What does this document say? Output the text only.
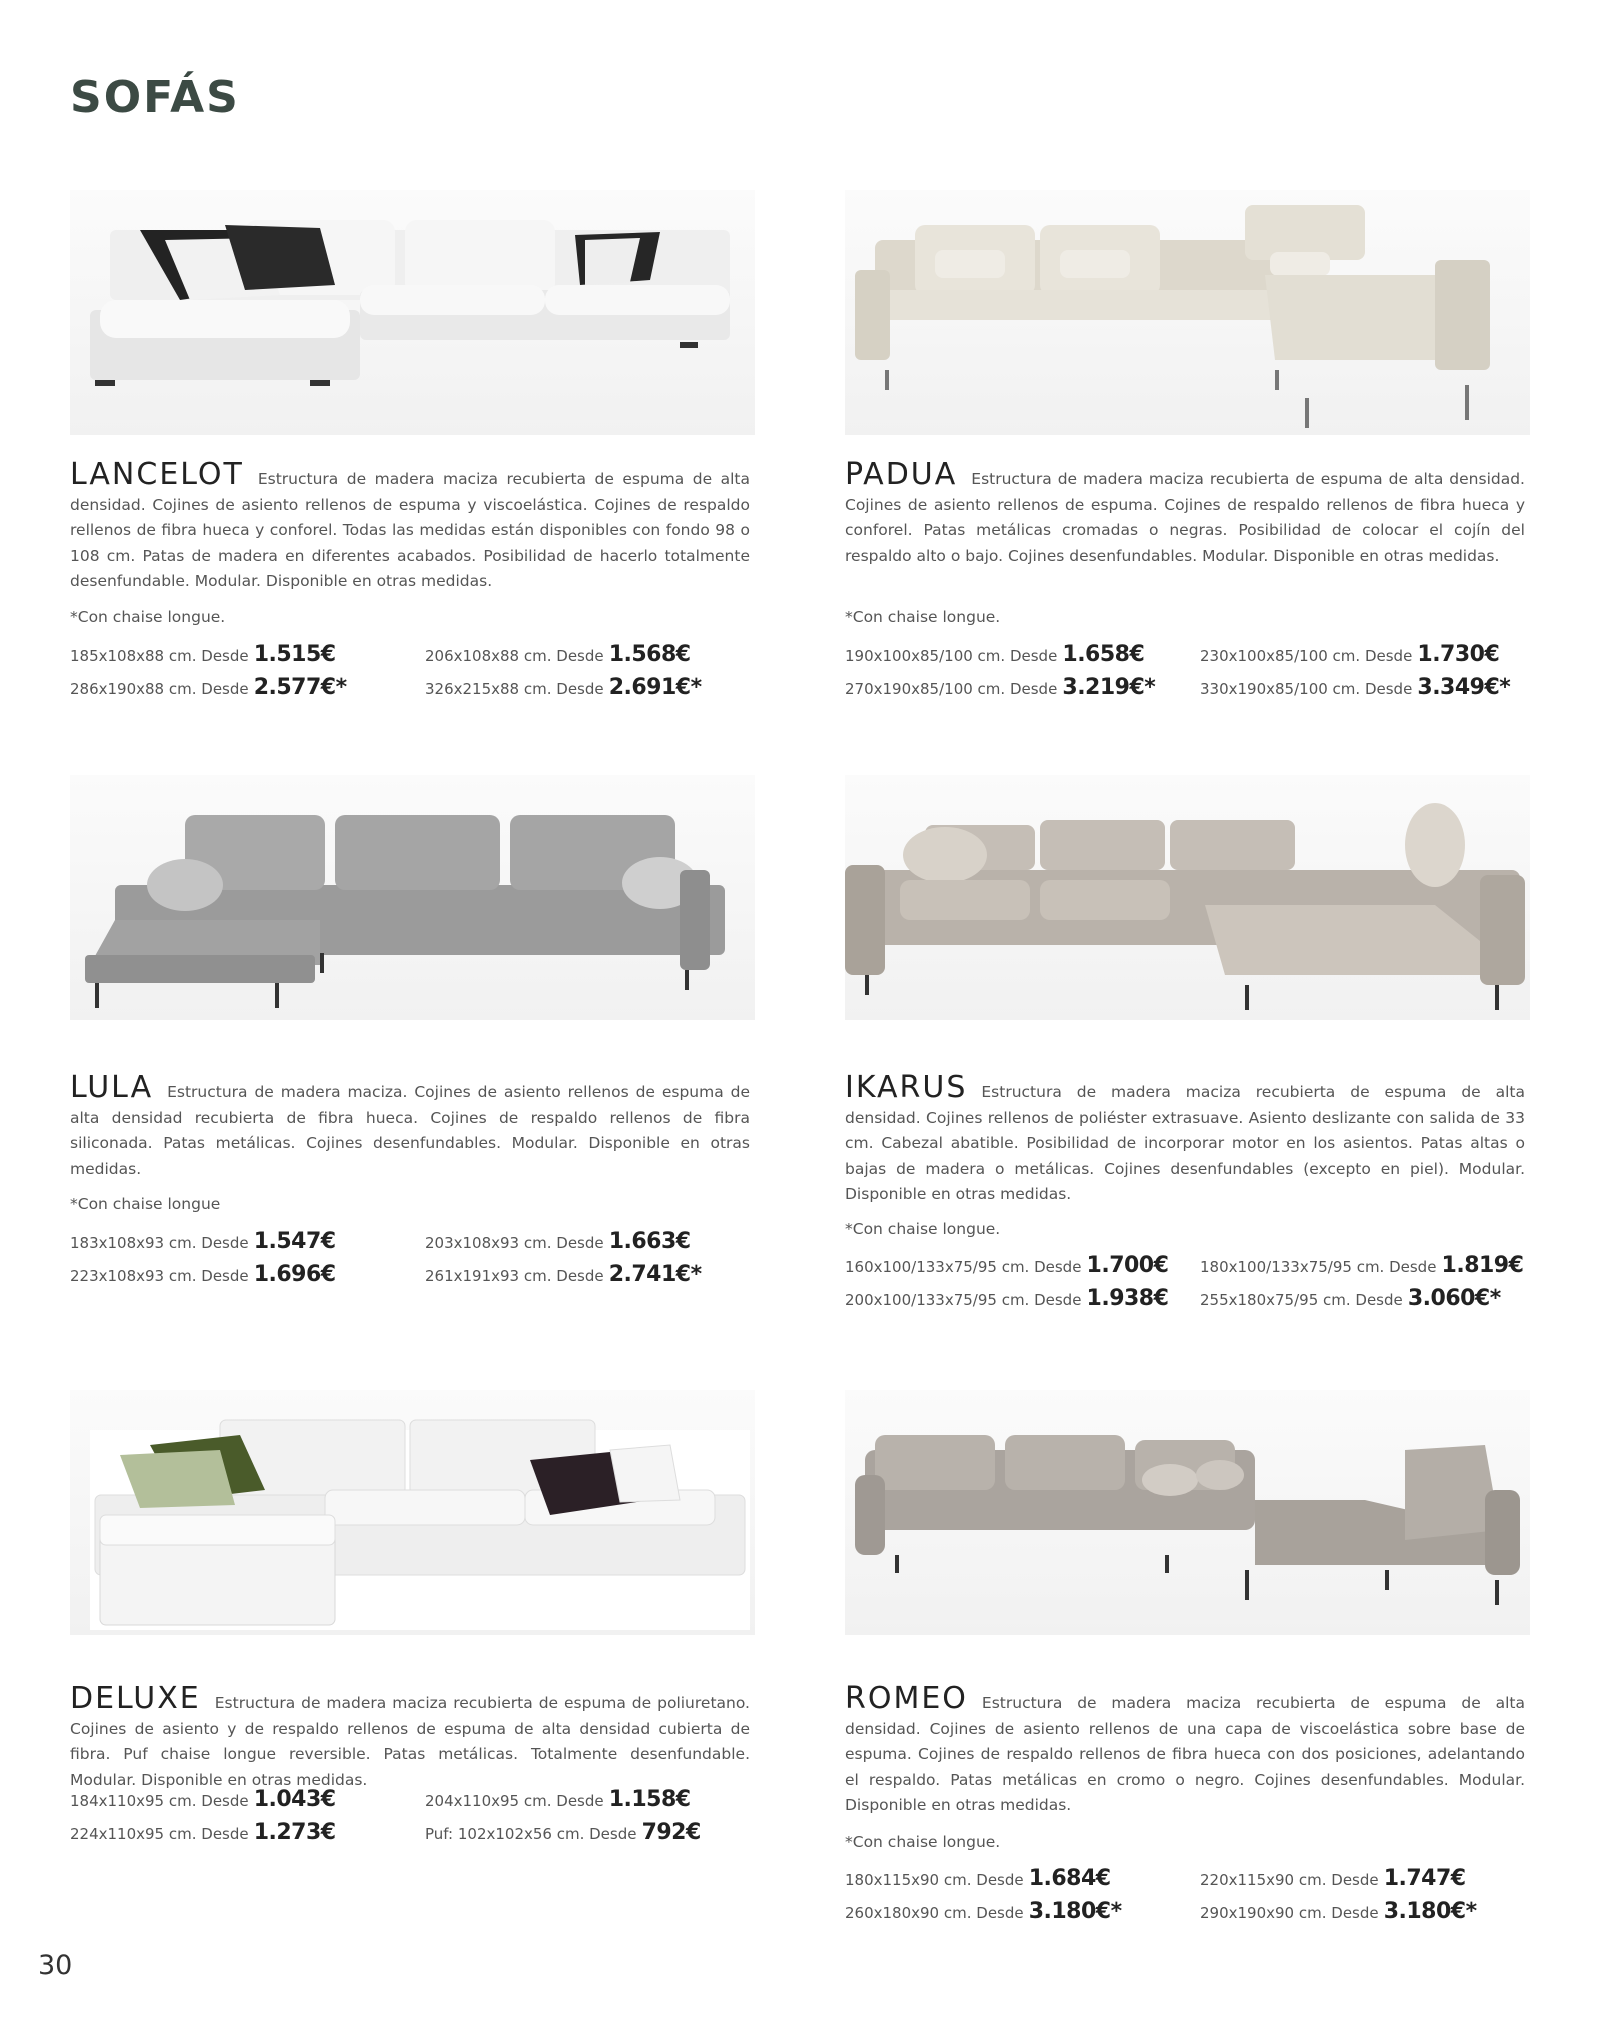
SOFÁS
LANCELOT Estructura de madera maciza recubierta de espuma de alta densidad. Cojines de asiento rellenos de espuma y viscoelástica. Cojines de respaldo rellenos de fibra hueca y conforel. Todas las medidas están disponibles con fondo 98 o 108 cm. Patas de madera en diferentes acabados. Posibilidad de hacerlo totalmente desenfundable. Modular. Disponible en otras medidas.
*Con chaise longue.
185x108x88 cm. Desde 1.515€	206x108x88 cm. Desde 1.568€
286x190x88 cm. Desde 2.577€*	326x215x88 cm. Desde 2.691€*
PADUA Estructura de madera maciza recubierta de espuma de alta densidad. Cojines de asiento rellenos de espuma. Cojines de respaldo rellenos de fibra hueca y conforel. Patas metálicas cromadas o negras. Posibilidad de colocar el cojín del respaldo alto o bajo. Cojines desenfundables. Modular. Disponible en otras medidas.
*Con chaise longue.
190x100x85/100 cm. Desde 1.658€	230x100x85/100 cm. Desde 1.730€
270x190x85/100 cm. Desde 3.219€*	330x190x85/100 cm. Desde 3.349€*
LULA Estructura de madera maciza. Cojines de asiento rellenos de espuma de alta densidad recubierta de fibra hueca. Cojines de respaldo rellenos de fibra siliconada. Patas metálicas. Cojines desenfundables. Modular. Disponible en otras medidas.
*Con chaise longue
183x108x93 cm. Desde 1.547€	203x108x93 cm. Desde 1.663€
223x108x93 cm. Desde 1.696€	261x191x93 cm. Desde 2.741€*
IKARUS Estructura de madera maciza recubierta de espuma de alta densidad. Cojines rellenos de poliéster extrasuave. Asiento deslizante con salida de 33 cm. Cabezal abatible. Posibilidad de incorporar motor en los asientos. Patas altas o bajas de madera o metálicas. Cojines desenfundables (excepto en piel). Modular. Disponible en otras medidas.
*Con chaise longue.
160x100/133x75/95 cm. Desde 1.700€ 180x100/133x75/95 cm. Desde 1.819€
200x100/133x75/95 cm. Desde 1.938€ 255x180x75/95 cm. Desde 3.060€*
DELUXE Estructura de madera maciza recubierta de espuma de poliuretano. Cojines de asiento y de respaldo rellenos de espuma de alta densidad cubierta de fibra. Puf chaise longue reversible. Patas metálicas. Totalmente desenfundable. Modular. Disponible en otras medidas.
184x110x95 cm. Desde 1.043€	204x110x95 cm. Desde 1.158€
224x110x95 cm. Desde 1.273€	Puf: 102x102x56 cm. Desde 792€
ROMEO Estructura de madera maciza recubierta de espuma de alta densidad. Cojines de asiento rellenos de una capa de viscoelástica sobre base de espuma. Cojines de respaldo rellenos de fibra hueca con dos posiciones, adelantando el respaldo. Patas metálicas en cromo o negro. Cojines desenfundables. Modular. Disponible en otras medidas.
*Con chaise longue.
180x115x90 cm. Desde 1.684€	220x115x90 cm. Desde 1.747€
260x180x90 cm. Desde 3.180€*	290x190x90 cm. Desde 3.180€*
30
